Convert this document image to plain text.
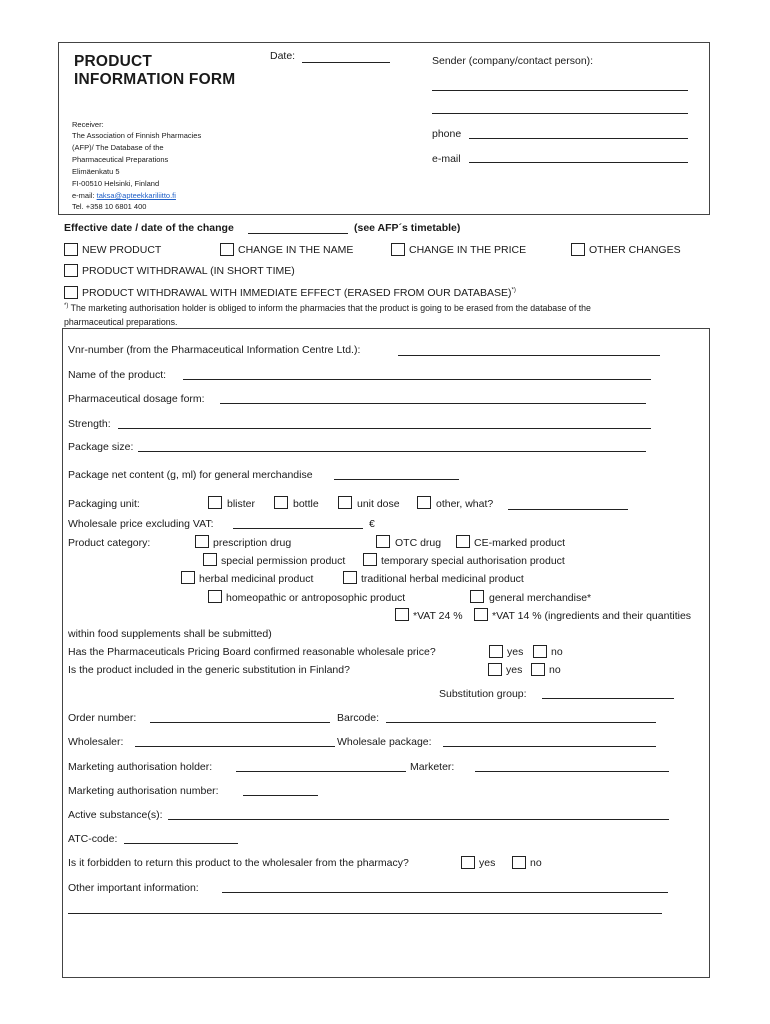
PRODUCT
INFORMATION FORM
Date:	Sender (company/contact person):
phone
e-mail
Receiver:
The Association of Finnish Pharmacies
(AFP)/ The Database of the
Pharmaceutical Preparations
Elimäenkatu 5
FI-00510 Helsinki, Finland
e-mail: taksa@apteekkariliitto.fi
Tel. +358 10 6801 400
Effective date / date of the change	(see AFP´s timetable)
NEW PRODUCT	CHANGE IN THE NAME	CHANGE IN THE PRICE	OTHER CHANGES
PRODUCT WITHDRAWAL (IN SHORT TIME)
PRODUCT WITHDRAWAL WITH IMMEDIATE EFFECT (ERASED FROM OUR DATABASE)*)
*) The marketing authorisation holder is obliged to inform the pharmacies that the product is going to be erased from the database of the
pharmaceutical preparations.
Vnr-number (from the Pharmaceutical Information Centre Ltd.):
Name of the product:
Pharmaceutical dosage form:
Strength:
Package size:
Package net content (g, ml) for general merchandise
Packaging unit:	blister	bottle	unit dose	other, what?
Wholesale price excluding VAT:	€
Product category:	prescription drug	OTC drug	CE-marked product
special permission product	temporary special authorisation product
herbal medicinal product	traditional herbal medicinal product
homeopathic or antroposophic product	general merchandise*
*VAT 24 %	*VAT 14 % (ingredients and their quantities
within food supplements shall be submitted)
Has the Pharmaceuticals Pricing Board confirmed reasonable wholesale price?	yes	no
Is the product included in the generic substitution in Finland?	yes	no
Substitution group:
Order number:	Barcode:
Wholesaler:	Wholesale package:
Marketing authorisation holder:	Marketer:
Marketing authorisation number:
Active substance(s):
ATC-code:
Is it forbidden to return this product to the wholesaler from the pharmacy?	yes	no
Other important information:
